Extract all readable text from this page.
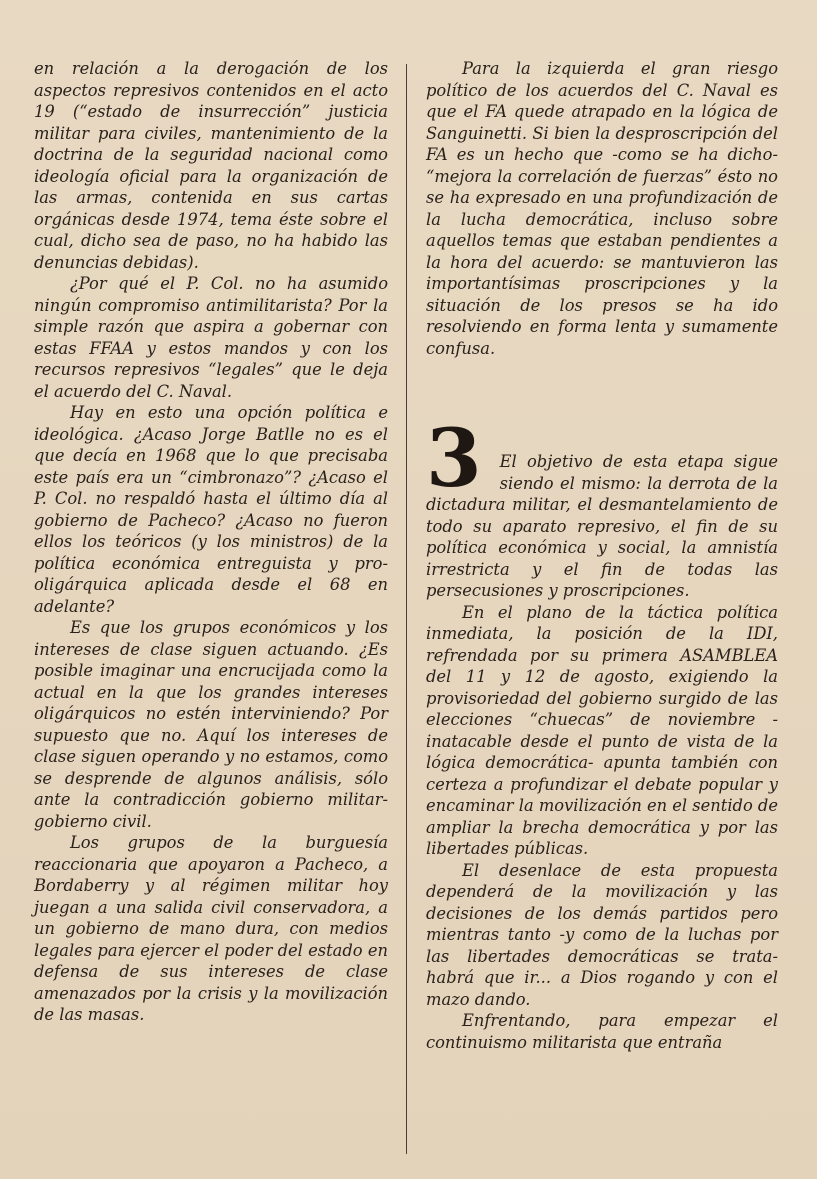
en relación a la derogación de los aspectos represivos contenidos en el acto 19 (“estado de insurrección” justicia militar para civiles, mantenimiento de la doctrina de la seguridad nacional como ideología oficial para la organización de las armas, contenida en sus cartas orgánicas desde 1974, tema éste sobre el cual, dicho sea de paso, no ha habido las denuncias debidas).

¿Por qué el P. Col. no ha asumido ningún compromiso antimilitarista? Por la simple razón que aspira a gobernar con estas FFAA y estos mandos y con los recursos represivos “legales” que le deja el acuerdo del C. Naval.

Hay en esto una opción política e ideológica. ¿Acaso Jorge Batlle no es el que decía en 1968 que lo que precisaba este país era un “cimbronazo”? ¿Acaso el P. Col. no respaldó hasta el último día al gobierno de Pacheco? ¿Acaso no fueron ellos los teóricos (y los ministros) de la política económica entreguista y pro-oligárquica aplicada desde el 68 en adelante?

Es que los grupos económicos y los intereses de clase siguen actuando. ¿Es posible imaginar una encrucijada como la actual en la que los grandes intereses oligárquicos no estén interviniendo? Por supuesto que no. Aquí los intereses de clase siguen operando y no estamos, como se desprende de algunos análisis, sólo ante la contradicción gobierno militar-gobierno civil.

Los grupos de la burguesía reaccionaria que apoyaron a Pacheco, a Bordaberry y al régimen militar hoy juegan a una salida civil conservadora, a un gobierno de mano dura, con medios legales para ejercer el poder del estado en defensa de sus intereses de clase amenazados por la crisis y la movilización de las masas.

Para la izquierda el gran riesgo político de los acuerdos del C. Naval es que el FA quede atrapado en la lógica de Sanguinetti. Si bien la desproscripción del FA es un hecho que -como se ha dicho- “mejora la correlación de fuerzas” ésto no se ha expresado en una profundización de la lucha democrática, incluso sobre aquellos temas que estaban pendientes a la hora del acuerdo: se mantuvieron las importantísimas proscripciones y la situación de los presos se ha ido resolviendo en forma lenta y sumamente confusa.

3	El objetivo de esta etapa sigue siendo el mismo: la derrota de la dictadura militar, el desmantelamiento de todo su aparato represivo, el fin de su política económica y social, la amnistía irrestricta y el fin de todas las persecusiones y proscripciones.

En el plano de la táctica política inmediata, la posición de la IDI, refrendada por su primera ASAMBLEA del 11 y 12 de agosto, exigiendo la provisoriedad del gobierno surgido de las elecciones “chuecas” de noviembre -inatacable desde el punto de vista de la lógica democrática- apunta también con certeza a profundizar el debate popular y encaminar la movilización en el sentido de ampliar la brecha democrática y por las libertades públicas.

El desenlace de esta propuesta dependerá de la movilización y las decisiones de los demás partidos pero mientras tanto -y como de la luchas por las libertades democráticas se trata- habrá que ir... a Dios rogando y con el mazo dando.

Enfrentando, para empezar el continuismo militarista que entraña
